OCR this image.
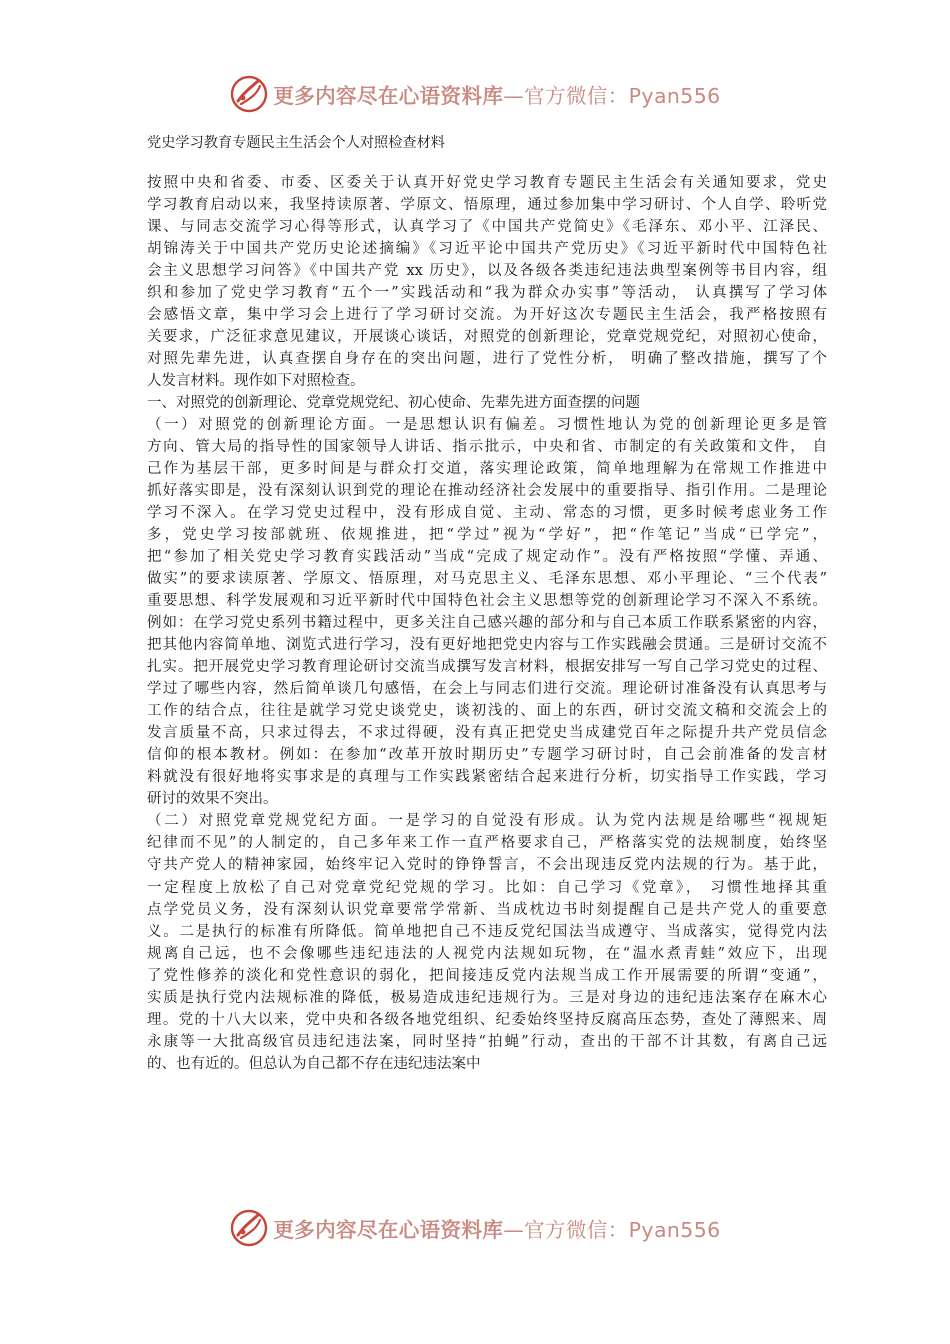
更多内容尽在心语资料库—官方微信：Pyan556
党史学习教育专题民主生活会个人对照检查材料
按照中央和省委、市委、区委关于认真开好党史学习教育专题民主生活会有关通知要求，党史
学习教育启动以来，我坚持读原著、学原文、悟原理，通过参加集中学习研讨、个人自学、聆听党
课、与同志交流学习心得等形式，认真学习了《中国共产党简史》《毛泽东、邓小平、江泽民、
胡锦涛关于中国共产党历史论述摘编》《习近平论中国共产党历史》《习近平新时代中国特色社
会主义思想学习问答》《中国共产党 xx 历史》，以及各级各类违纪违法典型案例等书目内容，组
织和参加了党史学习教育“五个一”实践活动和“我为群众办实事”等活动， 认真撰写了学习体
会感悟文章，集中学习会上进行了学习研讨交流。为开好这次专题民主生活会，我严格按照有
关要求，广泛征求意见建议，开展谈心谈话，对照党的创新理论，党章党规党纪，对照初心使命，
对照先辈先进，认真查摆自身存在的突出问题，进行了党性分析， 明确了整改措施，撰写了个
人发言材料。现作如下对照检查。
一、对照党的创新理论、党章党规党纪、初心使命、先辈先进方面查摆的问题
（一）对照党的创新理论方面。一是思想认识有偏差。习惯性地认为党的创新理论更多是管
方向、管大局的指导性的国家领导人讲话、指示批示，中央和省、市制定的有关政策和文件， 自
己作为基层干部，更多时间是与群众打交道，落实理论政策，简单地理解为在常规工作推进中
抓好落实即是，没有深刻认识到党的理论在推动经济社会发展中的重要指导、指引作用。二是理论
学习不深入。在学习党史过程中，没有形成自觉、主动、常态的习惯，更多时候考虑业务工作
多，党史学习按部就班、依规推进，把“学过”视为“学好”，把“作笔记”当成“已学完”，
把“参加了相关党史学习教育实践活动”当成“完成了规定动作”。没有严格按照“学懂、弄通、
做实”的要求读原著、学原文、悟原理，对马克思主义、毛泽东思想、邓小平理论、“三个代表”
重要思想、科学发展观和习近平新时代中国特色社会主义思想等党的创新理论学习不深入不系统。
例如：在学习党史系列书籍过程中，更多关注自己感兴趣的部分和与自己本质工作联系紧密的内容，
把其他内容简单地、浏览式进行学习，没有更好地把党史内容与工作实践融会贯通。三是研讨交流不
扎实。把开展党史学习教育理论研讨交流当成撰写发言材料，根据安排写一写自己学习党史的过程、
学过了哪些内容，然后简单谈几句感悟，在会上与同志们进行交流。理论研讨准备没有认真思考与
工作的结合点，往往是就学习党史谈党史，谈初浅的、面上的东西，研讨交流文稿和交流会上的
发言质量不高，只求过得去，不求过得硬，没有真正把党史当成建党百年之际提升共产党员信念
信仰的根本教材。例如：在参加“改革开放时期历史”专题学习研讨时，自己会前准备的发言材
料就没有很好地将实事求是的真理与工作实践紧密结合起来进行分析，切实指导工作实践，学习
研讨的效果不突出。
（二）对照党章党规党纪方面。一是学习的自觉没有形成。认为党内法规是给哪些“视规矩
纪律而不见”的人制定的，自己多年来工作一直严格要求自己，严格落实党的法规制度，始终坚
守共产党人的精神家园，始终牢记入党时的铮铮誓言，不会出现违反党内法规的行为。基于此，
一定程度上放松了自己对党章党纪党规的学习。比如：自己学习《党章》， 习惯性地择其重
点学党员义务，没有深刻认识党章要常学常新、当成枕边书时刻提醒自己是共产党人的重要意
义。二是执行的标准有所降低。简单地把自己不违反党纪国法当成遵守、当成落实，觉得党内法
规离自己远，也不会像哪些违纪违法的人视党内法规如玩物，在“温水煮青蛙”效应下，出现
了党性修养的淡化和党性意识的弱化，把间接违反党内法规当成工作开展需要的所谓“变通”，
实质是执行党内法规标准的降低，极易造成违纪违规行为。三是对身边的违纪违法案存在麻木心
理。党的十八大以来，党中央和各级各地党组织、纪委始终坚持反腐高压态势，查处了薄熙来、周
永康等一大批高级官员违纪违法案，同时坚持“拍蝇”行动，查出的干部不计其数，有离自己远
的、也有近的。但总认为自己都不存在违纪违法案中
更多内容尽在心语资料库—官方微信：Pyan556
